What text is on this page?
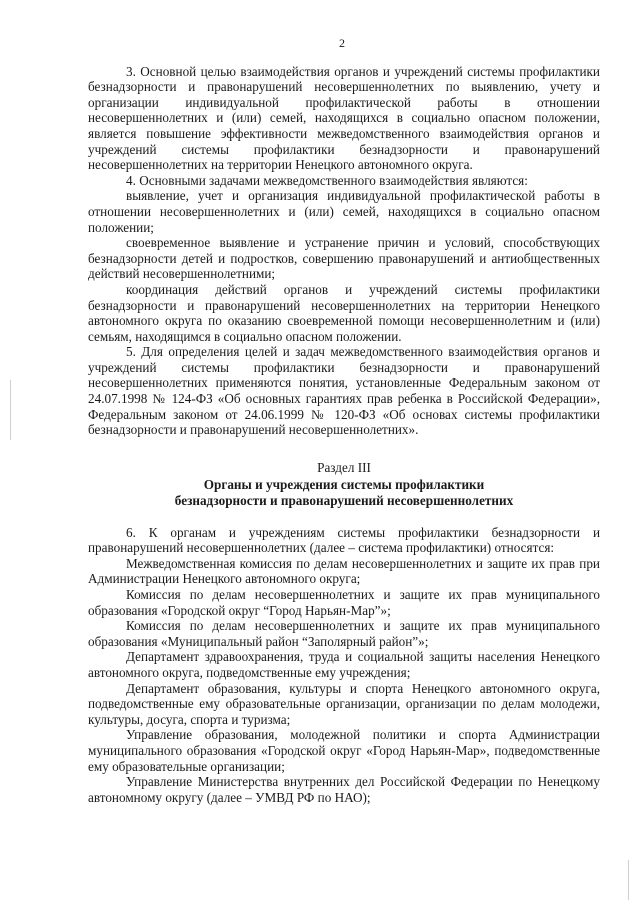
2

3. Основной целью взаимодействия органов и учреждений системы профилактики безнадзорности и правонарушений несовершеннолетних по выявлению, учету и организации индивидуальной профилактической работы в отношении несовершеннолетних и (или) семей, находящихся в социально опасном положении, является повышение эффективности межведомственного взаимодействия органов и учреждений системы профилактики безнадзорности и правонарушений несовершеннолетних на территории Ненецкого автономного округа.

4. Основными задачами межведомственного взаимодействия являются:

выявление, учет и организация индивидуальной профилактической работы в отношении несовершеннолетних и (или) семей, находящихся в социально опасном положении;

своевременное выявление и устранение причин и условий, способствующих безнадзорности детей и подростков, совершению правонарушений и антиобщественных действий несовершеннолетними;

координация действий органов и учреждений системы профилактики безнадзорности и правонарушений несовершеннолетних на территории Ненецкого автономного округа по оказанию своевременной помощи несовершеннолетним и (или) семьям, находящимся в социально опасном положении.

5. Для определения целей и задач межведомственного взаимодействия органов и учреждений системы профилактики безнадзорности и правонарушений несовершеннолетних применяются понятия, установленные Федеральным законом от 24.07.1998 № 124-ФЗ «Об основных гарантиях прав ребенка в Российской Федерации», Федеральным законом от 24.06.1999 № 120-ФЗ «Об основах системы профилактики безнадзорности и правонарушений несовершеннолетних».

Раздел III

Органы и учреждения системы профилактики
безнадзорности и правонарушений несовершеннолетних

6. К органам и учреждениям системы профилактики безнадзорности и правонарушений несовершеннолетних (далее – система профилактики) относятся:

Межведомственная комиссия по делам несовершеннолетних и защите их прав при Администрации Ненецкого автономного округа;

Комиссия по делам несовершеннолетних и защите их прав муниципального образования «Городской округ “Город Нарьян-Мар”»;

Комиссия по делам несовершеннолетних и защите их прав муниципального образования «Муниципальный район “Заполярный район”»;

Департамент здравоохранения, труда и социальной защиты населения Ненецкого автономного округа, подведомственные ему учреждения;

Департамент образования, культуры и спорта Ненецкого автономного округа, подведомственные ему образовательные организации, организации по делам молодежи, культуры, досуга, спорта и туризма;

Управление образования, молодежной политики и спорта Администрации муниципального образования «Городской округ «Город Нарьян-Мар», подведомственные ему образовательные организации;

Управление Министерства внутренних дел Российской Федерации по Ненецкому автономному округу (далее – УМВД РФ по НАО);
